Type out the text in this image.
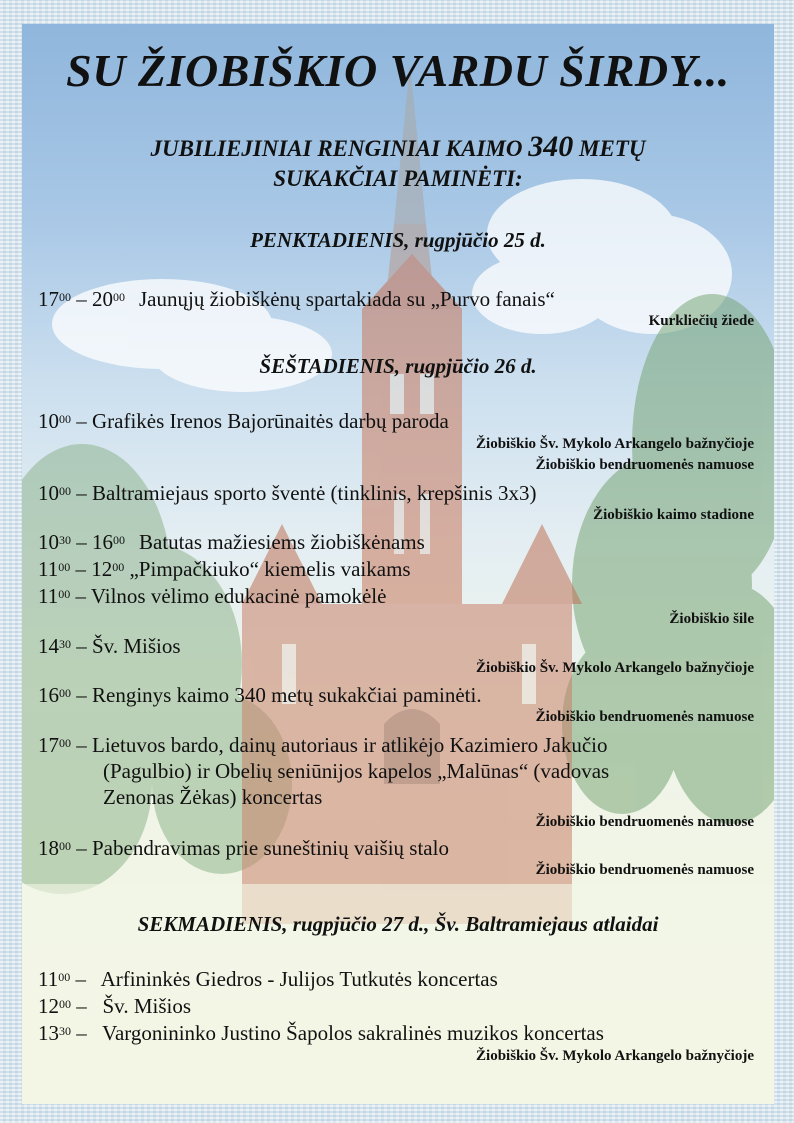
SU ŽIOBIŠKIO VARDU ŠIRDY...
JUBILIEJINIAI RENGINIAI KAIMO 340 METŲ
SUKAKČIAI PAMINĖTI:
PENKTADIENIS, rugpjūčio 25 d.
$17^{00} - 20^{00}$ Jaunųjų žiobiškėnų spartakiada su „Purvo fanais“
Kurkliečių žiede
ŠEŠTADIENIS, rugpjūčio 26 d.
$10^{00}$ – Grafikės Irenos Bajorūnaitės darbų paroda
Žiobiškio Šv. Mykolo Arkangelo bažnyčioje
Žiobiškio bendruomenės namuose
$10^{00}$ – Baltramiejaus sporto šventė (tinklinis, krepšinis 3x3)
Žiobiškio kaimo stadione
$10^{30} - 16^{00}$ Batutas mažiesiems žiobiškėnams
$11^{00} - 12^{00}$ „Pimpačkiuko“ kiemelis vaikams
$11^{00}$ – Vilnos vėlimo edukacinė pamokėlė
Žiobiškio šile
$14^{30}$ – Šv. Mišios
Žiobiškio Šv. Mykolo Arkangelo bažnyčioje
$16^{00}$ – Renginys kaimo 340 metų sukakčiai paminėti.
Žiobiškio bendruomenės namuose
$17^{00}$ – Lietuvos bardo, dainų autoriaus ir atlikėjo Kazimiero Jakučio
(Pagulbio) ir Obelių seniūnijos kapelos „Malūnas“ (vadovas
Zenonas Žėkas) koncertas
Žiobiškio bendruomenės namuose
$18^{00}$ – Pabendravimas prie suneštinių vaišių stalo
Žiobiškio bendruomenės namuose
SEKMADIENIS, rugpjūčio 27 d., Šv. Baltramiejaus atlaidai
$11^{00}$ –   Arfininkės Giedros - Julijos Tutkutės koncertas
$12^{00}$ –   Šv. Mišios
$13^{30}$ –   Vargonininko Justino Šapolos sakralinės muzikos koncertas
Žiobiškio Šv. Mykolo Arkangelo bažnyčioje
